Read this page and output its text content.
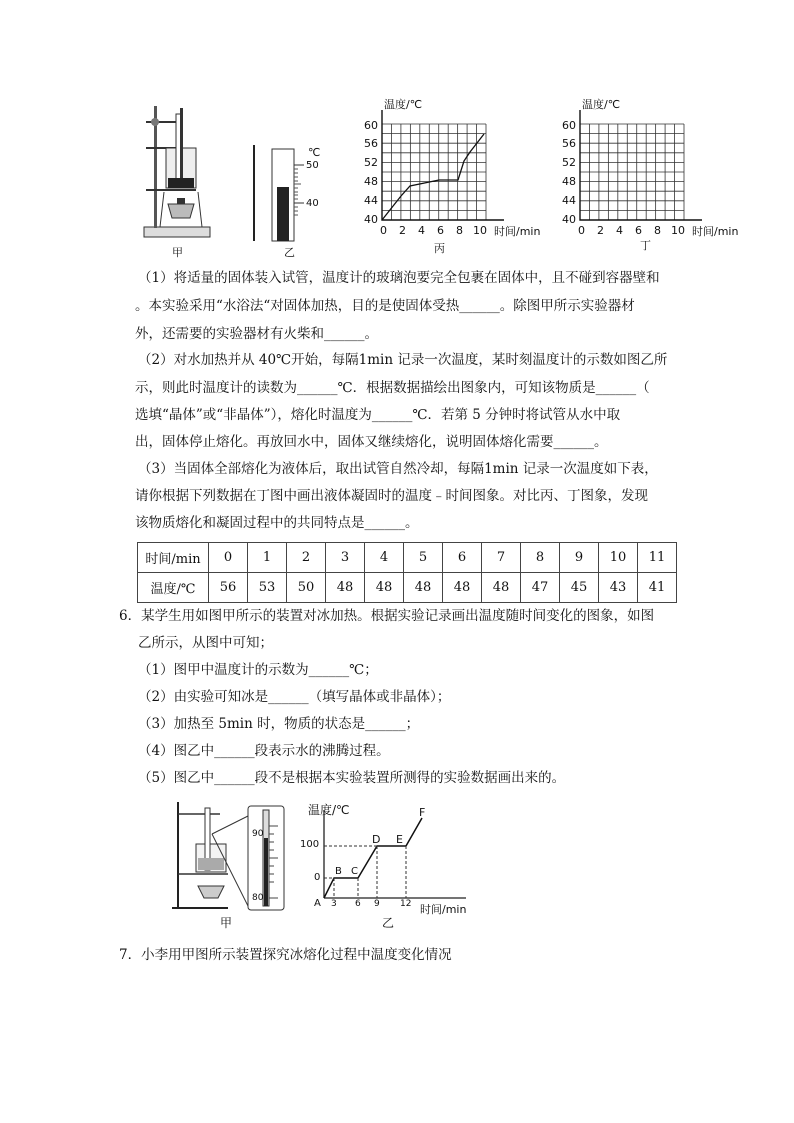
甲
℃
50
40
乙
温度/℃
60
56
52
48
44
40
0 2 4 6 8 10 时间/min
丙
温度/℃
60
56
52
48
44
40
0 2 4 6 8 10 时间/min
丁
（1）将适量的固体装入试管，温度计的玻璃泡要完全包裹在固体中，且不碰到容器壁和
。本实验采用“水浴法“对固体加热，目的是使固体受热______。除图甲所示实验器材
外，还需要的实验器材有火柴和______。
（2）对水加热并从 40℃开始，每隔1min 记录一次温度，某时刻温度计的示数如图乙所
示，则此时温度计的读数为______℃．根据数据描绘出图象内，可知该物质是______（
选填“晶体”或“非晶体”），熔化时温度为______℃．若第 5 分钟时将试管从水中取
出，固体停止熔化。再放回水中，固体又继续熔化，说明固体熔化需要______。
（3）当固体全部熔化为液体后，取出试管自然冷却，每隔1min 记录一次温度如下表，
请你根据下列数据在丁图中画出液体凝固时的温度﹣时间图象。对比丙、丁图象，发现
该物质熔化和凝固过程中的共同特点是______。
时间/min	0	1	2	3	4	5	6	7	8	9	10	11
温度/℃	56	53	50	48	48	48	48	48	47	45	43	41
6．某学生用如图甲所示的装置对冰加热。根据实验记录画出温度随时间变化的图象，如图
乙所示，从图中可知；
（1）图甲中温度计的示数为______℃；
（2）由实验可知冰是______（填写晶体或非晶体）；
（3）加热至 5min 时，物质的状态是______；
（4）图乙中______段表示水的沸腾过程。
（5）图乙中______段不是根据本实验装置所测得的实验数据画出来的。
90
80
甲
温度/℃
100
0
A
B C
D E
F
3 6 9 12 时间/min
乙
7．小李用甲图所示装置探究冰熔化过程中温度变化情况
